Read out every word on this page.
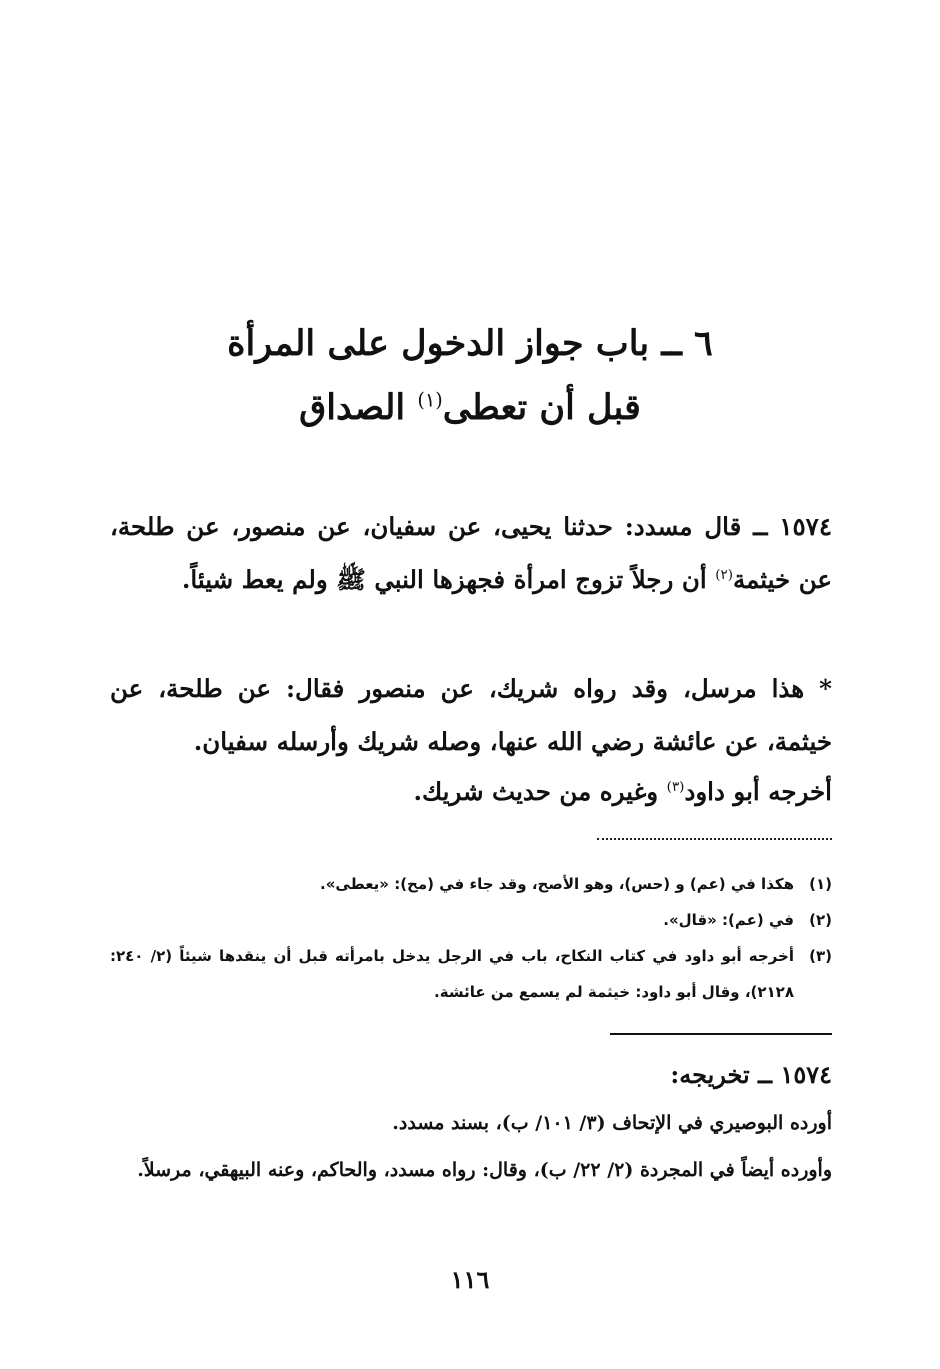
٦ ــ باب جواز الدخول على المرأة
قبل أن تعطى$^{(١)}$ الصداق

١٥٧٤ ــ قال مسدد: حدثنا يحيى، عن سفيان، عن منصور، عن طلحة، عن خيثمة$^{(٢)}$ أن رجلاً تزوج امرأة فجهزها النبي ﷺ ولم يعط شيئاً.

* هذا مرسل، وقد رواه شريك، عن منصور فقال: عن طلحة، عن خيثمة، عن عائشة رضي الله عنها، وصله شريك وأرسله سفيان.

أخرجه أبو داود$^{(٣)}$ وغيره من حديث شريك.

(١)
هكذا في (عم) و (حس)، وهو الأصح، وقد جاء في (مح): «يعطى».
(٢)
في (عم): «قال».
(٣)
أخرجه أبو داود في كتاب النكاح، باب في الرجل يدخل بامرأته قبل أن ينقدها شيئاً (٢/ ٢٤٠: ٢١٢٨)، وقال أبو داود: خيثمة لم يسمع من عائشة.
١٥٧٤ ــ تخريجه:

أورده البوصيري في الإتحاف (٣/ ١٠١/ ب)، بسند مسدد.

وأورده أيضاً في المجردة (٢/ ٢٢/ ب)، وقال: رواه مسدد، والحاكم، وعنه البيهقي، مرسلاً.

١١٦
